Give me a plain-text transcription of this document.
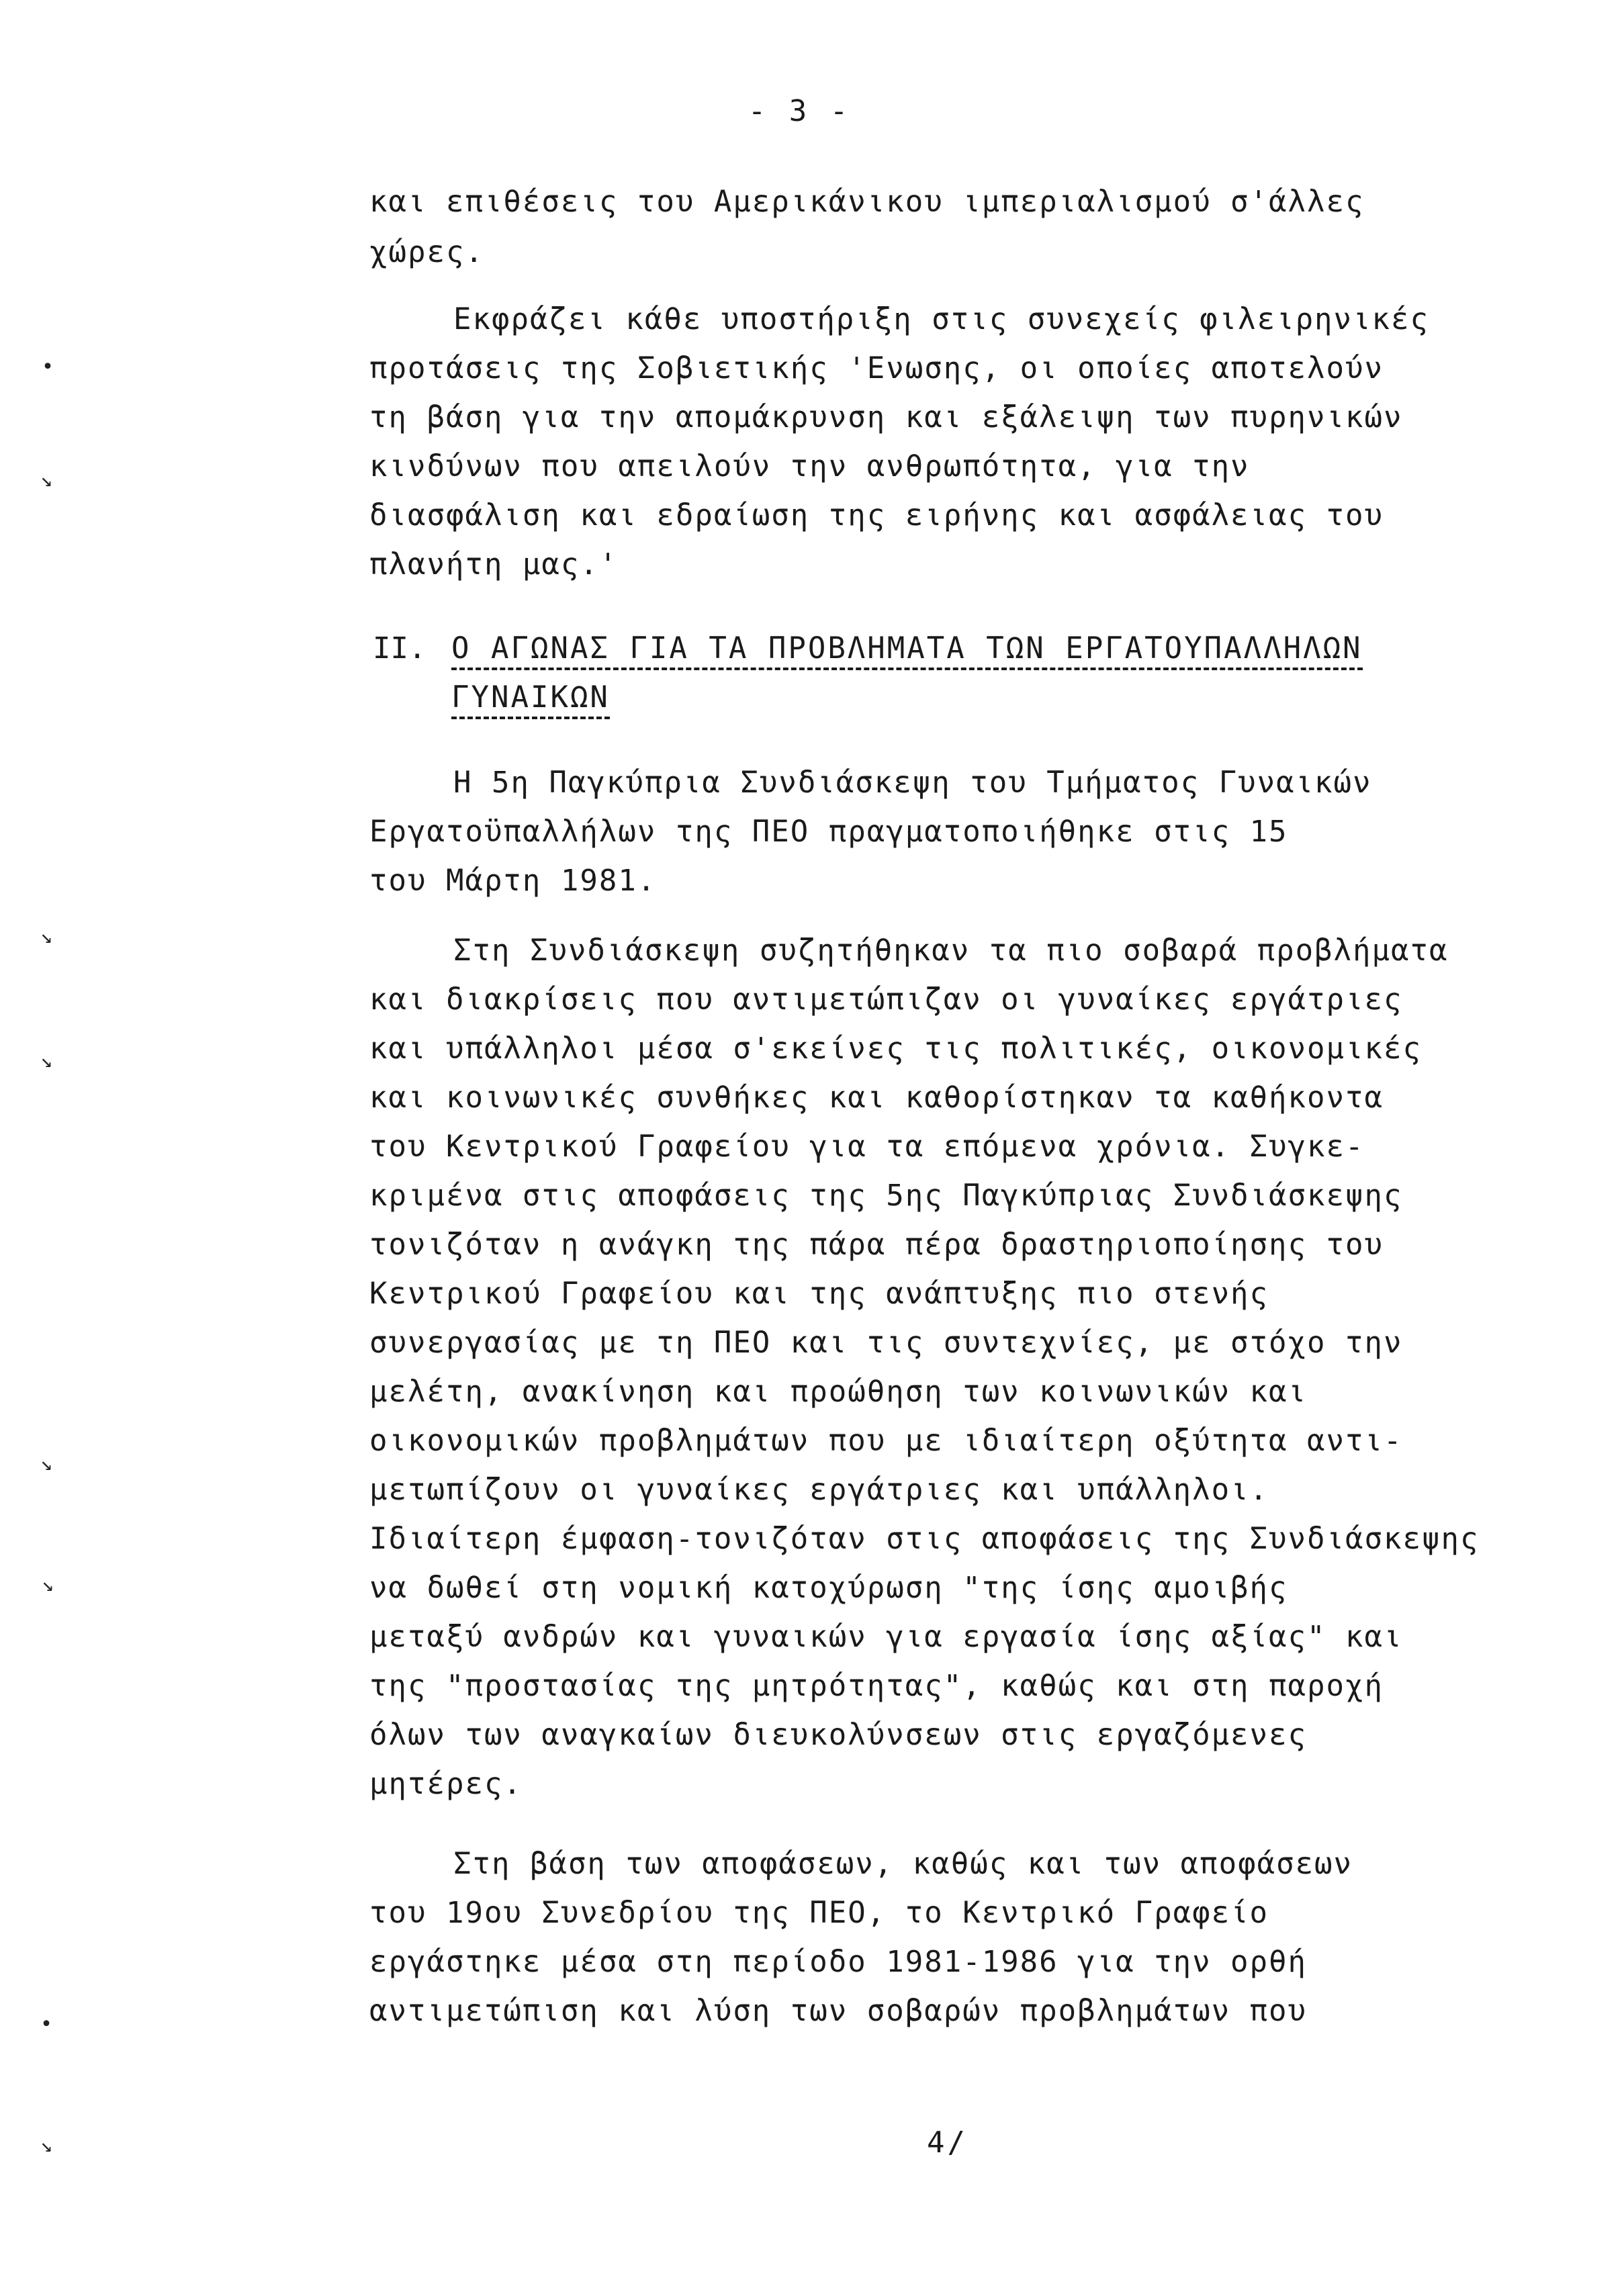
- 3 -
και επιθέσεις του Αμερικάνικου ιμπεριαλισμού σ'άλλες
χώρες.
Εκφράζει κάθε υποστήριξη στις συνεχείς φιλειρηνικές
προτάσεις της Σοβιετικής 'Ενωσης, οι οποίες αποτελούν
τη βάση για την απομάκρυνση και εξάλειψη των πυρηνικών
κινδύνων που απειλούν την ανθρωπότητα, για την
διασφάλιση και εδραίωση της ειρήνης και ασφάλειας του
πλανήτη μας.'
II. Ο ΑΓΩΝΑΣ ΓΙΑ ΤΑ ΠΡΟΒΛΗΜΑΤΑ ΤΩΝ ΕΡΓΑΤΟΥΠΑΛΛΗΛΩΝ
ΓΥΝΑΙΚΩΝ
Η 5η Παγκύπρια Συνδιάσκεψη του Τμήματος Γυναικών
Εργατοϋπαλλήλων της ΠΕΟ πραγματοποιήθηκε στις 15
του Μάρτη 1981.
Στη Συνδιάσκεψη συζητήθηκαν τα πιο σοβαρά προβλήματα
και διακρίσεις που αντιμετώπιζαν οι γυναίκες εργάτριες
και υπάλληλοι μέσα σ'εκείνες τις πολιτικές, οικονομικές
και κοινωνικές συνθήκες και καθορίστηκαν τα καθήκοντα
του Κεντρικού Γραφείου για τα επόμενα χρόνια. Συγκε-
κριμένα στις αποφάσεις της 5ης Παγκύπριας Συνδιάσκεψης
τονιζόταν η ανάγκη της πάρα πέρα δραστηριοποίησης του
Κεντρικού Γραφείου και της ανάπτυξης πιο στενής
συνεργασίας με τη ΠΕΟ και τις συντεχνίες, με στόχο την
μελέτη, ανακίνηση και προώθηση των κοινωνικών και
οικονομικών προβλημάτων που με ιδιαίτερη οξύτητα αντι-
μετωπίζουν οι γυναίκες εργάτριες και υπάλληλοι.
Ιδιαίτερη έμφαση-τονιζόταν στις αποφάσεις της Συνδιάσκεψης
να δωθεί στη νομική κατοχύρωση "της ίσης αμοιβής
μεταξύ ανδρών και γυναικών για εργασία ίσης αξίας" και
της "προστασίας της μητρότητας", καθώς και στη παροχή
όλων των αναγκαίων διευκολύνσεων στις εργαζόμενες
μητέρες.
Στη βάση των αποφάσεων, καθώς και των αποφάσεων
του 19ου Συνεδρίου της ΠΕΟ, το Κεντρικό Γραφείο
εργάστηκε μέσα στη περίοδο 1981-1986 για την ορθή
αντιμετώπιση και λύση των σοβαρών προβλημάτων που
4/
•
↘
↘
↘
↘
↘
•
↘
